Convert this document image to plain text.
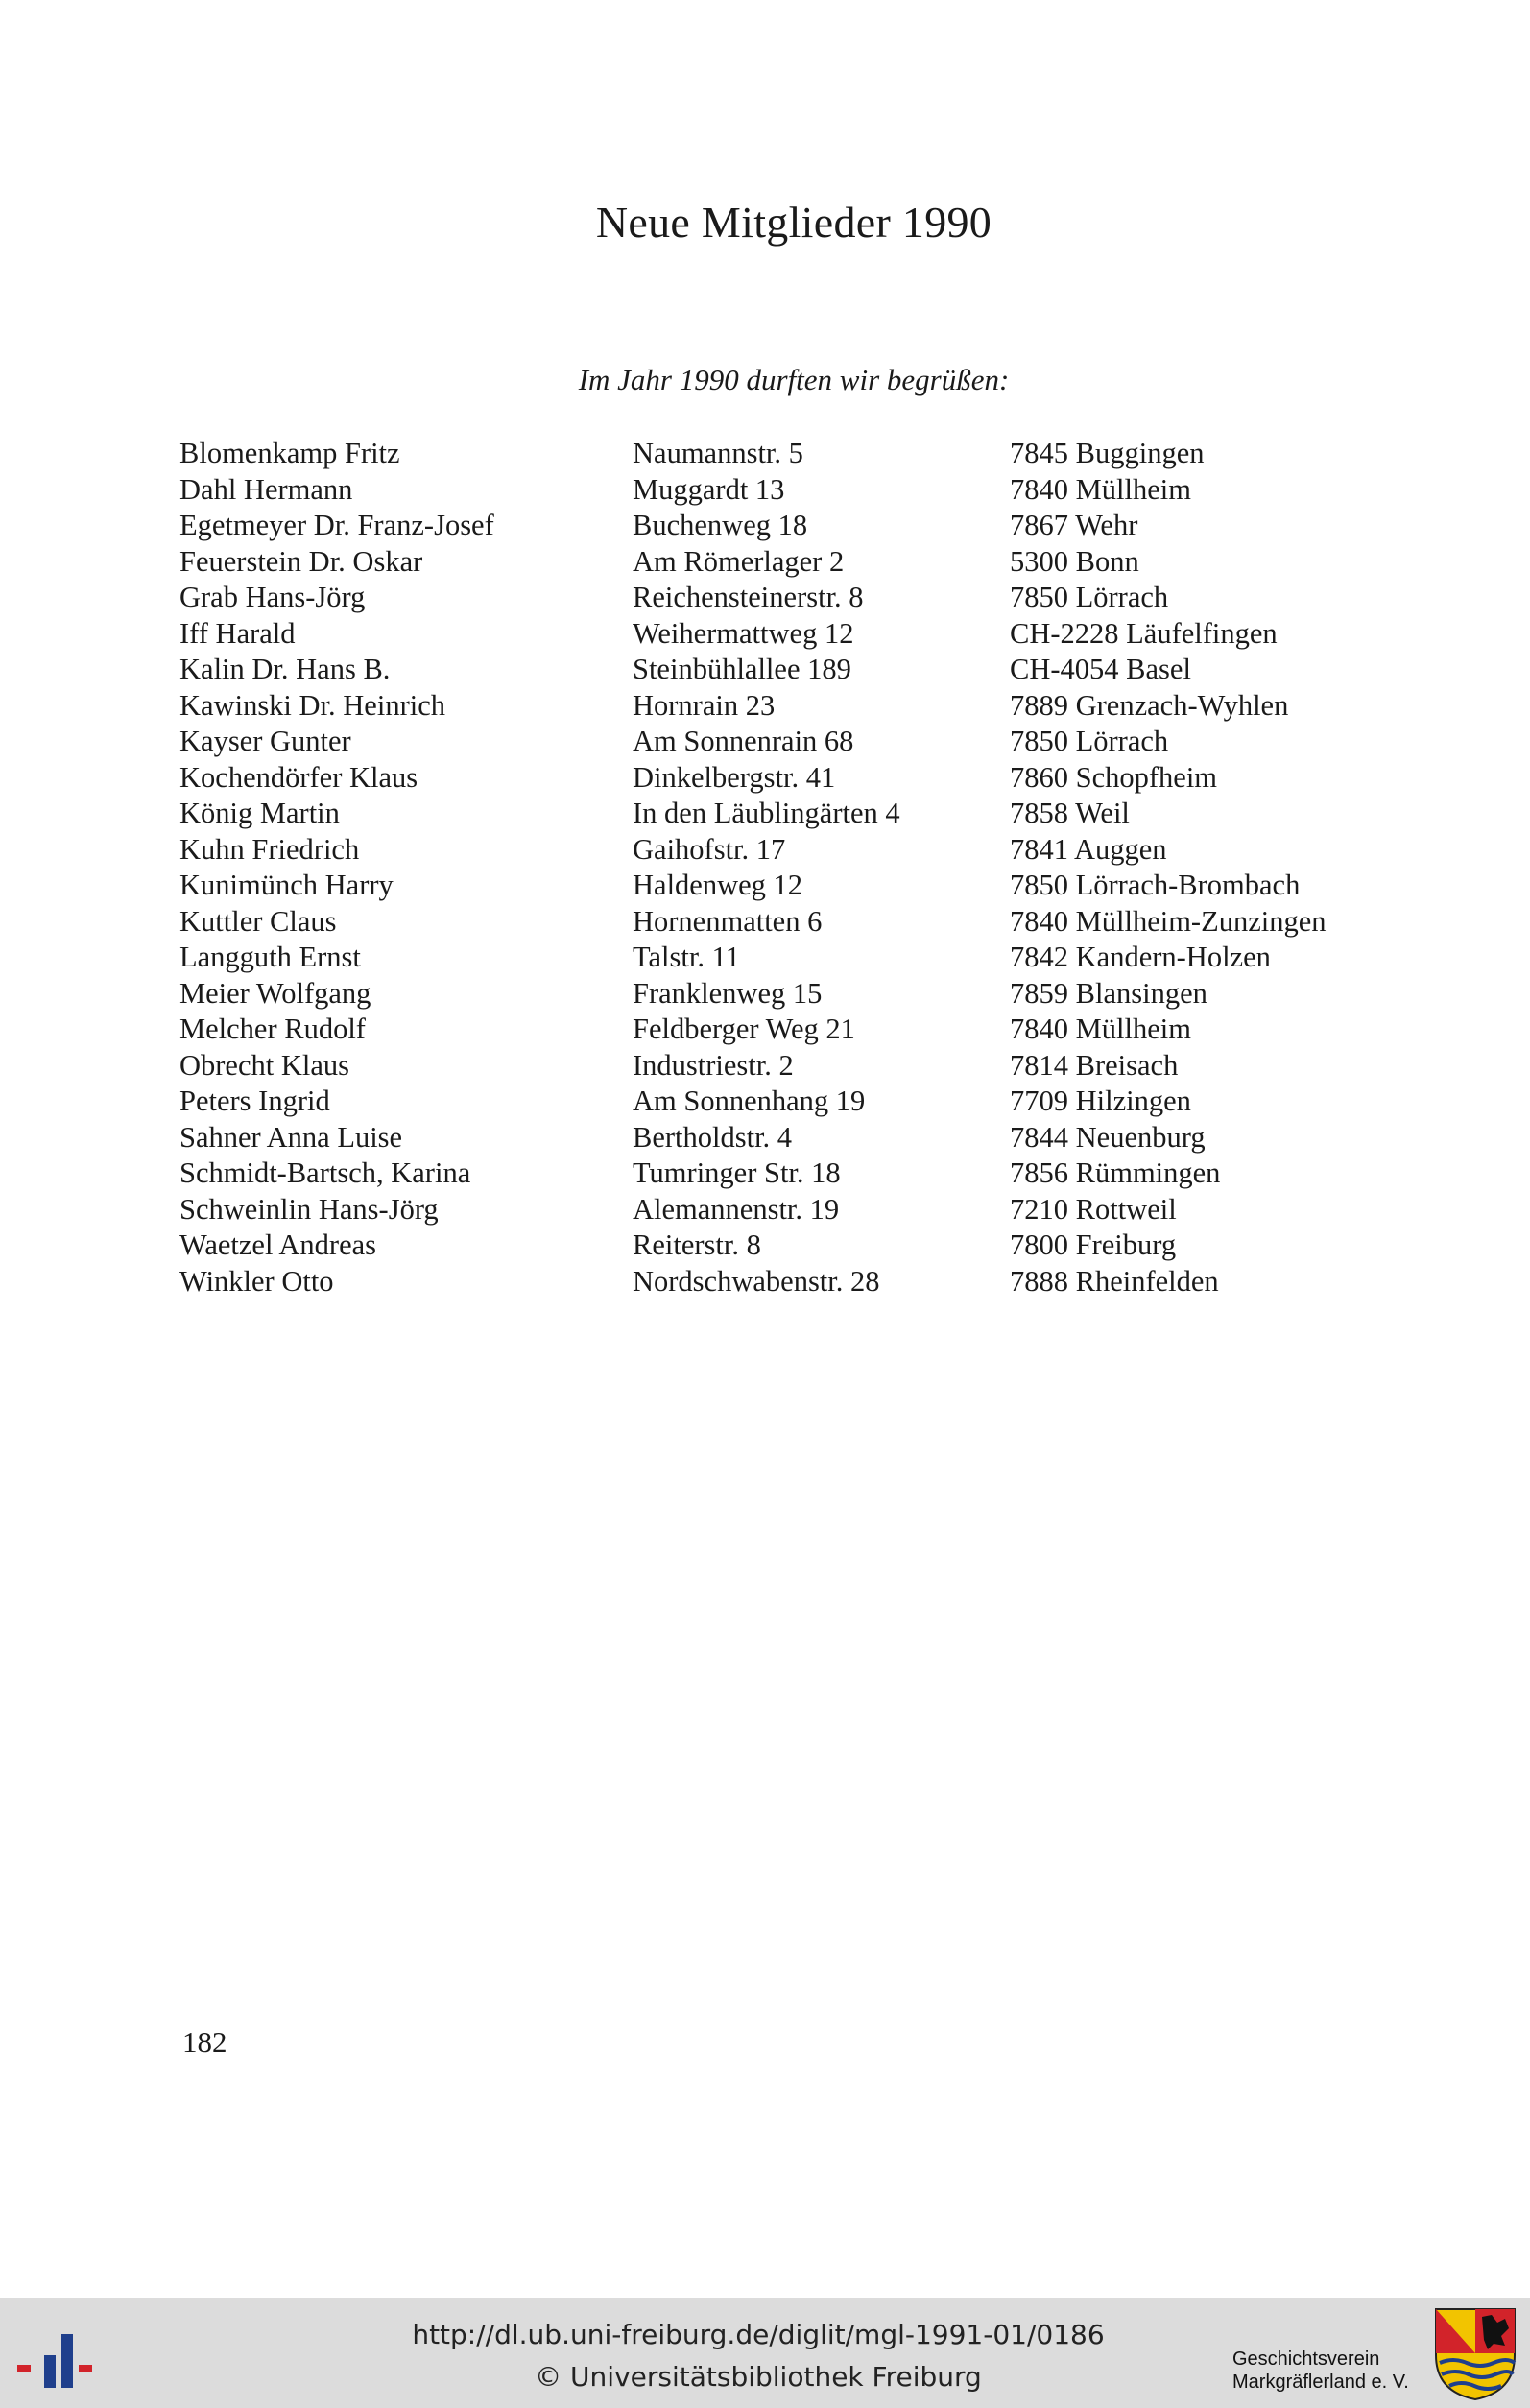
Neue Mitglieder 1990
Im Jahr 1990 durften wir begrüßen:
Blomenkamp Fritz	Naumannstr. 5	7845 Buggingen
Dahl Hermann	Muggardt 13	7840 Müllheim
Egetmeyer Dr. Franz-Josef	Buchenweg 18	7867 Wehr
Feuerstein Dr. Oskar	Am Römerlager 2	5300 Bonn
Grab Hans-Jörg	Reichensteinerstr. 8	7850 Lörrach
Iff Harald	Weihermattweg 12	CH-2228 Läufelfingen
Kalin Dr. Hans B.	Steinbühlallee 189	CH-4054 Basel
Kawinski Dr. Heinrich	Hornrain 23	7889 Grenzach-Wyhlen
Kayser Gunter	Am Sonnenrain 68	7850 Lörrach
Kochendörfer Klaus	Dinkelbergstr. 41	7860 Schopfheim
König Martin	In den Läublingärten 4	7858 Weil
Kuhn Friedrich	Gaihofstr. 17	7841 Auggen
Kunimünch Harry	Haldenweg 12	7850 Lörrach-Brombach
Kuttler Claus	Hornenmatten 6	7840 Müllheim-Zunzingen
Langguth Ernst	Talstr. 11	7842 Kandern-Holzen
Meier Wolfgang	Franklenweg 15	7859 Blansingen
Melcher Rudolf	Feldberger Weg 21	7840 Müllheim
Obrecht Klaus	Industriestr. 2	7814 Breisach
Peters Ingrid	Am Sonnenhang 19	7709 Hilzingen
Sahner Anna Luise	Bertholdstr. 4	7844 Neuenburg
Schmidt-Bartsch, Karina	Tumringer Str. 18	7856 Rümmingen
Schweinlin Hans-Jörg	Alemannenstr. 19	7210 Rottweil
Waetzel Andreas	Reiterstr. 8	7800 Freiburg
Winkler Otto	Nordschwabenstr. 28	7888 Rheinfelden
182
http://dl.ub.uni-freiburg.de/diglit/mgl-1991-01/0186
© Universitätsbibliothek Freiburg
Geschichtsverein
Markgräflerland e. V.
